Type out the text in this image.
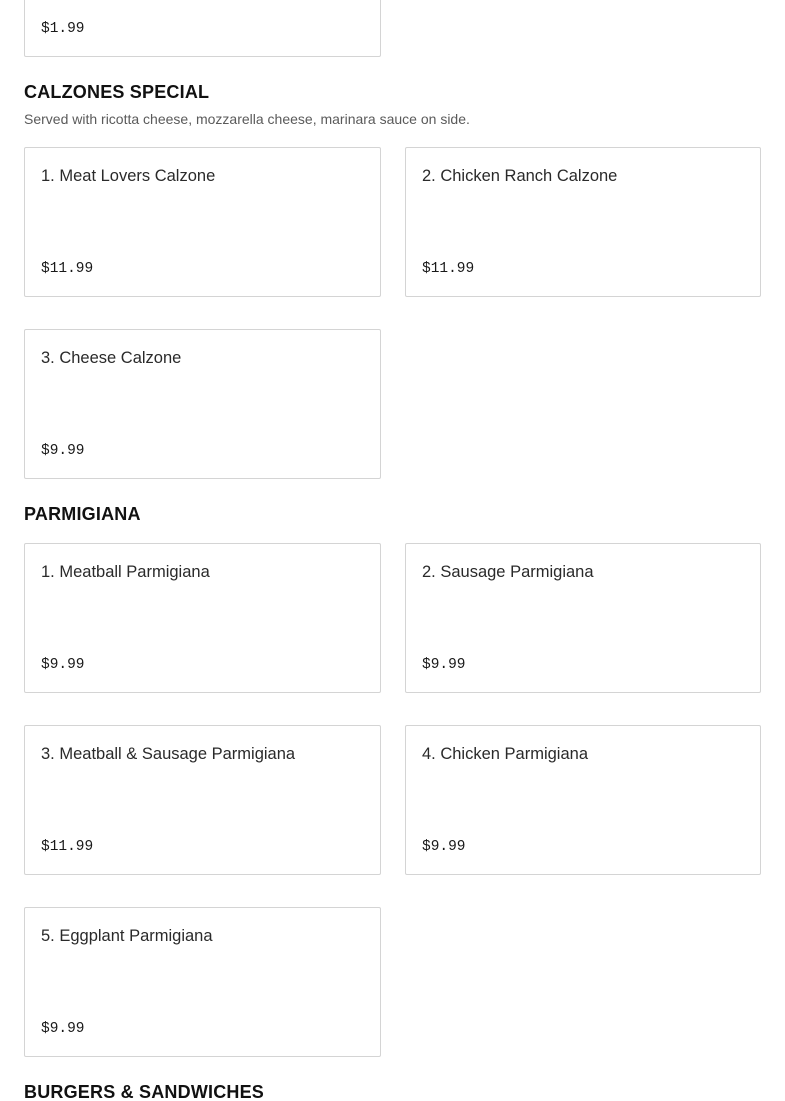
$1.99
CALZONES SPECIAL

Served with ricotta cheese, mozzarella cheese, marinara sauce on side.

1. Meat Lovers Calzone
$11.99
2. Chicken Ranch Calzone
$11.99
3. Cheese Calzone
$9.99
PARMIGIANA
1. Meatball Parmigiana
$9.99
2. Sausage Parmigiana
$9.99
3. Meatball & Sausage Parmigiana
$11.99
4. Chicken Parmigiana
$9.99
5. Eggplant Parmigiana
$9.99
BURGERS & SANDWICHES
